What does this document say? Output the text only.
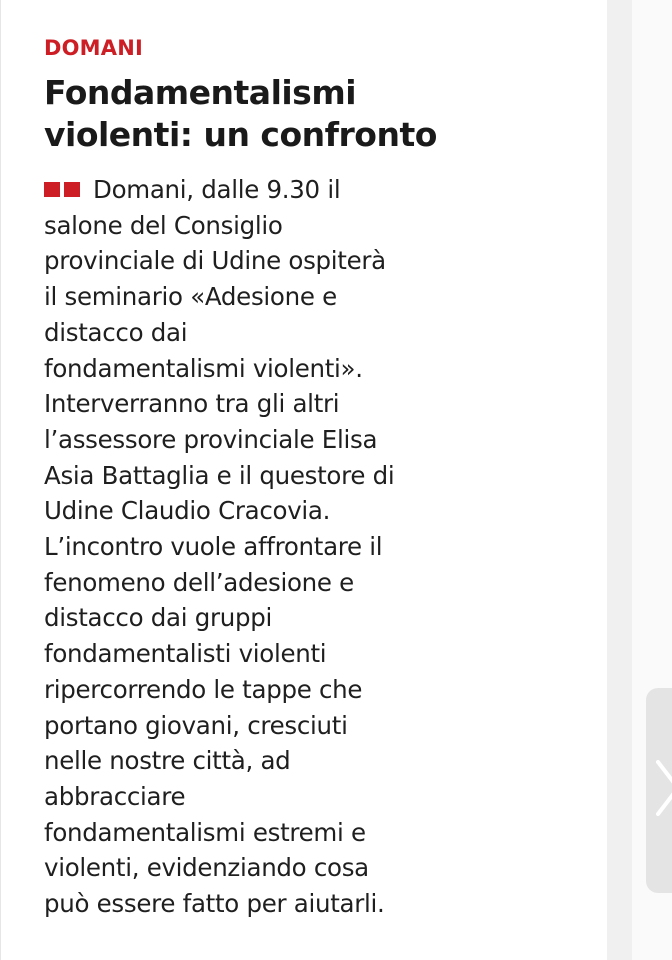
DOMANI

Fondamentalismi
violenti: un confronto
Domani, dalle 9.30 il
salone del Consiglio
provinciale di Udine ospiterà
il seminario «Adesione e
distacco dai
fondamentalismi violenti».
Interverranno tra gli altri
l’assessore provinciale Elisa
Asia Battaglia e il questore di
Udine Claudio Cracovia.
L’incontro vuole affrontare il
fenomeno dell’adesione e
distacco dai gruppi
fondamentalisti violenti
ripercorrendo le tappe che
portano giovani, cresciuti
nelle nostre città, ad
abbracciare
fondamentalismi estremi e
violenti, evidenziando cosa
può essere fatto per aiutarli.
